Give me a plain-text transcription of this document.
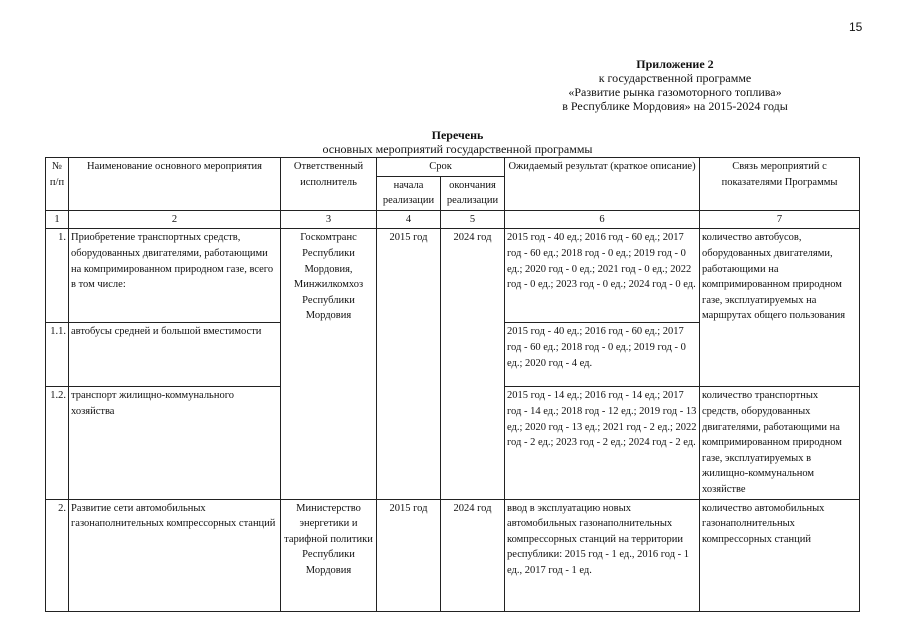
15
Приложение 2
к государственной программе
«Развитие рынка газомоторного топлива»
в Республике Мордовия» на 2015-2024 годы
Перечень
основных мероприятий государственной программы
№ п/п	Наименование основного мероприятия	Ответственный исполнитель	Срок		Ожидаемый результат (краткое описание)	Связь мероприятий с показателями Программы
			начала реализации	окончания реализации		
1	2	3	4	5	6	7
1.	Приобретение транспортных средств, оборудованных двигателями, работающими на компримированном природном газе, всего в том числе:	Госкомтранс Республики Мордовия, Минжилкомхоз Республики Мордовия	2015 год	2024 год	2015 год - 40 ед.; 2016 год - 60 ед.; 2017 год - 60 ед.; 2018 год - 0 ед.; 2019 год - 0 ед.; 2020 год - 0 ед.; 2021 год - 0 ед.; 2022 год - 0 ед.; 2023 год - 0 ед.; 2024 год - 0 ед.	количество автобусов, оборудованных двигателями, работающими на компримированном природном газе, эксплуатируемых на маршрутах общего пользования
1.1.	автобусы средней и большой вместимости				2015 год - 40 ед.; 2016 год - 60 ед.; 2017 год - 60 ед.; 2018 год - 0 ед.; 2019 год - 0 ед.; 2020 год - 4 ед.	
1.2.	транспорт жилищно-коммунального хозяйства				2015 год - 14 ед.; 2016 год - 14 ед.; 2017 год - 14 ед.; 2018 год - 12 ед.; 2019 год - 13 ед.; 2020 год - 13 ед.; 2021 год - 2 ед.; 2022 год - 2 ед.; 2023 год - 2 ед.; 2024 год - 2 ед.	количество транспортных средств, оборудованных двигателями, работающими на компримированном природном газе, эксплуатируемых в жилищно-коммунальном хозяйстве
2.	Развитие сети автомобильных газонаполнительных компрессорных станций	Министерство энергетики и тарифной политики Республики Мордовия	2015 год	2024 год	ввод в эксплуатацию новых автомобильных газонаполнительных компрессорных станций на территории республики: 2015 год - 1 ед., 2016 год - 1 ед., 2017 год - 1 ед.	количество автомобильных газонаполнительных компрессорных станций
